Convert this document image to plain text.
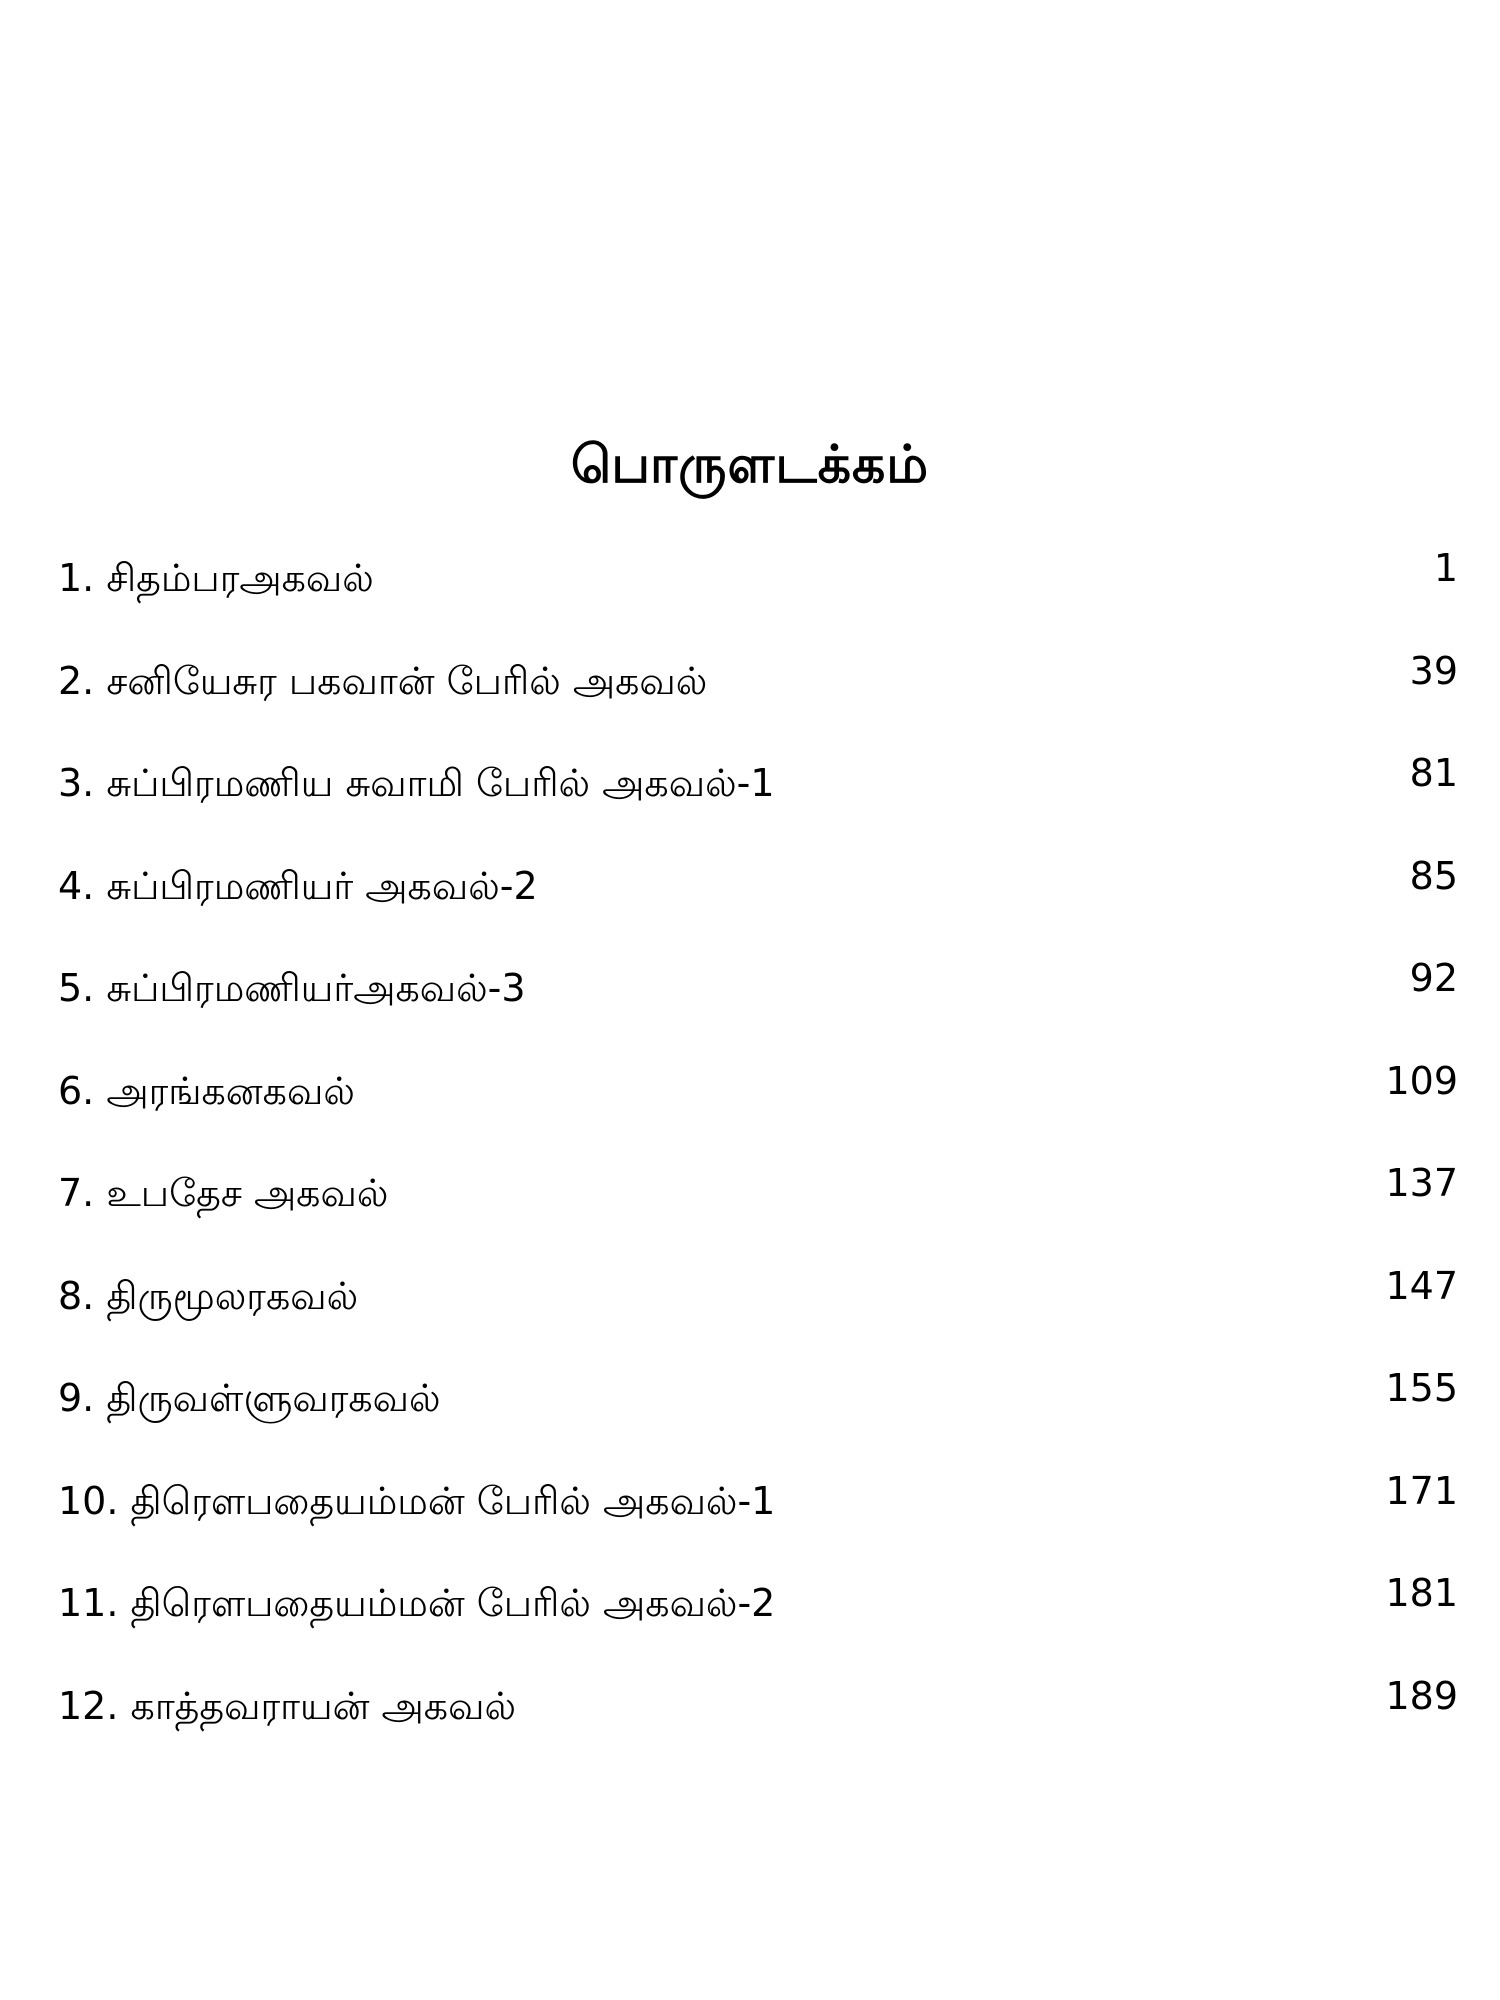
பொருளடக்கம்
1. சிதம்பரஅகவல்	1
2. சனியேசுர பகவான் பேரில் அகவல்	39
3. சுப்பிரமணிய சுவாமி பேரில் அகவல்-1	81
4. சுப்பிரமணியர் அகவல்-2	85
5. சுப்பிரமணியர்அகவல்-3	92
6. அரங்கனகவல்	109
7. உபதேச அகவல்	137
8. திருமூலரகவல்	147
9. திருவள்ளுவரகவல்	155
10. திரௌபதையம்மன் பேரில் அகவல்-1	171
11. திரௌபதையம்மன் பேரில் அகவல்-2	181
12. காத்தவராயன் அகவல்	189
